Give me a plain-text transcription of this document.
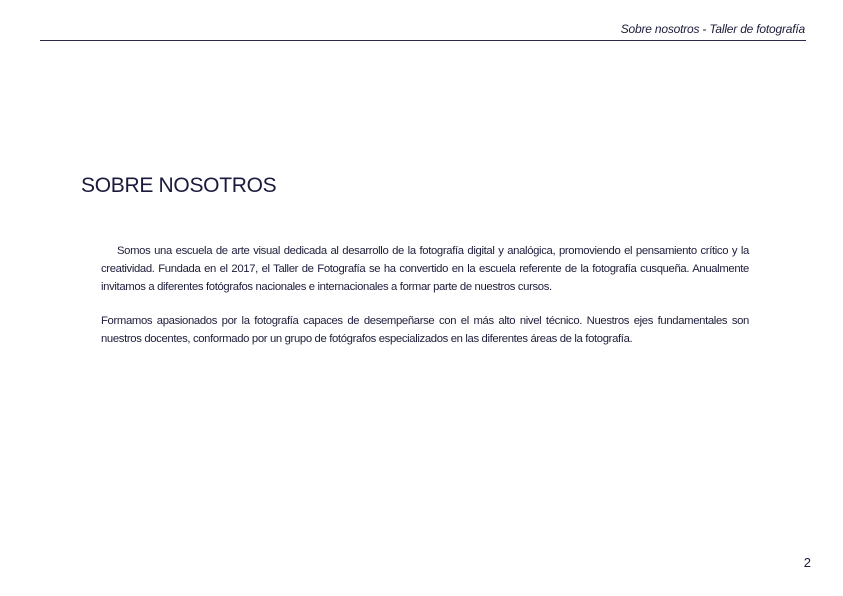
Sobre nosotros - Taller de fotografía
SOBRE NOSOTROS

Somos una escuela de arte visual dedicada al desarrollo de la fotografía digital y analógica, promoviendo el pensamiento crítico y la creatividad. Fundada en el 2017, el Taller de Fotografía se ha convertido en la escuela referente de la fotografía cusqueña. Anualmente invitamos a diferentes fotógrafos nacionales e internacionales a formar parte de nuestros cursos.

Formamos apasionados por la fotografía capaces de desempeñarse con el más alto nivel técnico. Nuestros ejes fundamentales son nuestros docentes, conformado por un grupo de fotógrafos especializados en las diferentes áreas de la fotografía.

2
